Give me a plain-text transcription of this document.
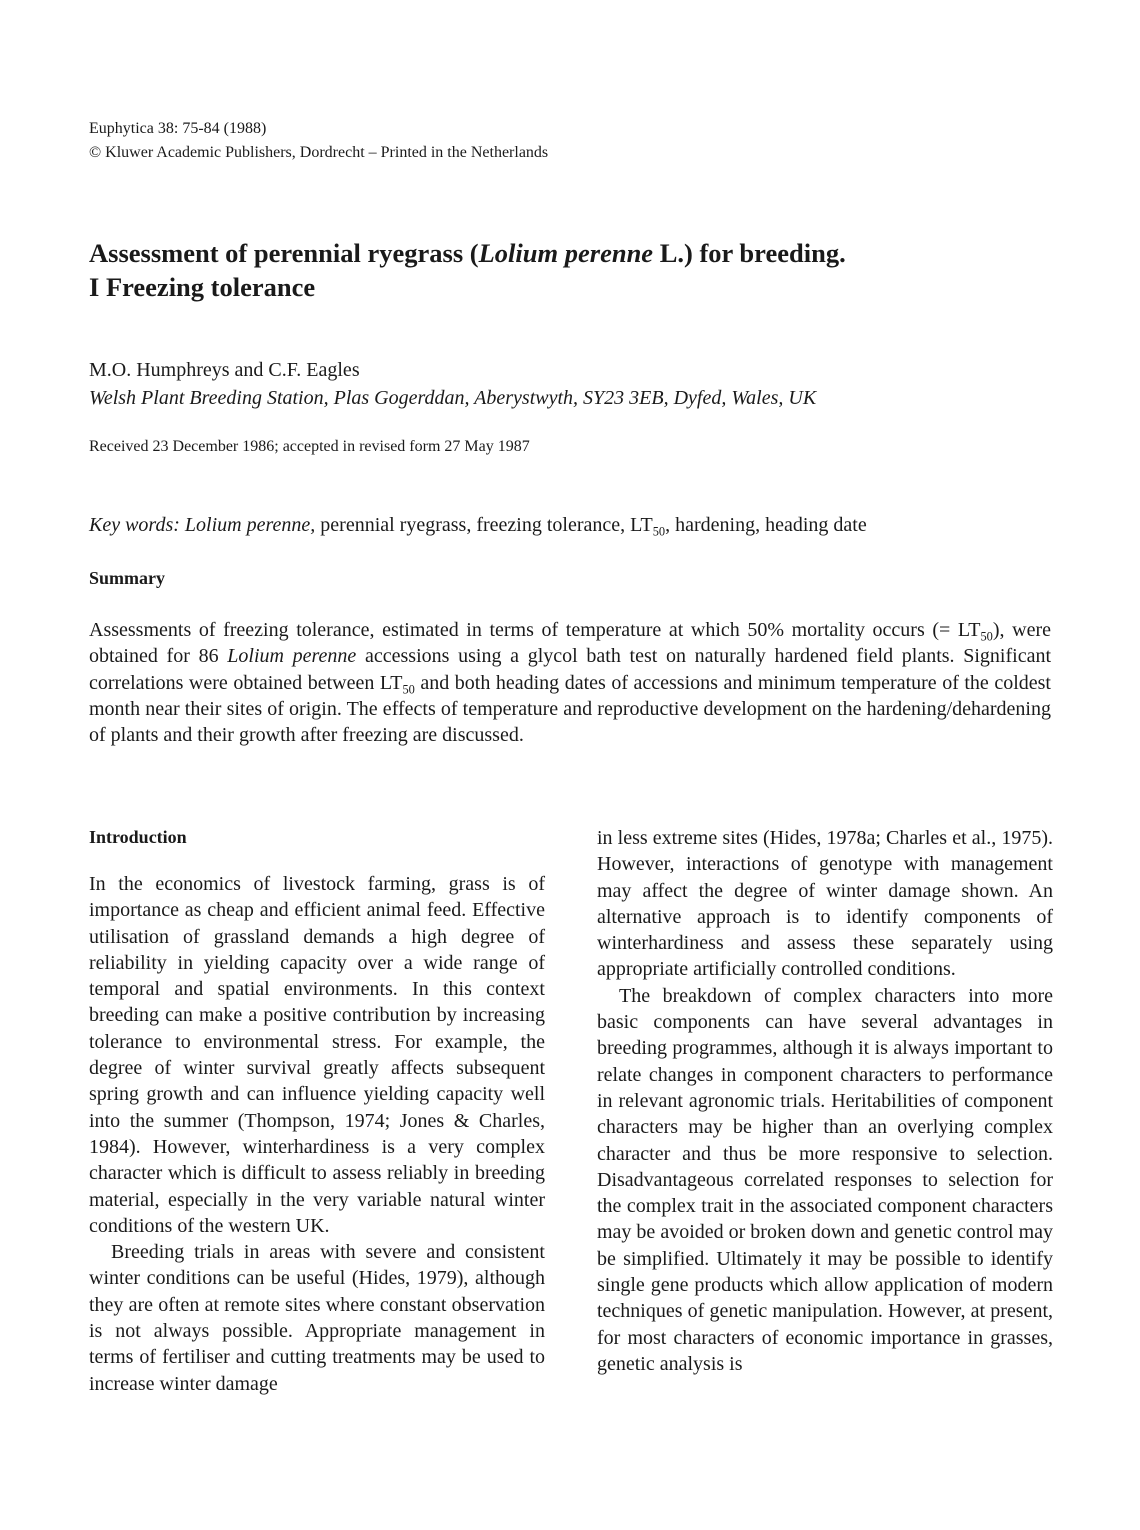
Euphytica 38: 75-84 (1988)
© Kluwer Academic Publishers, Dordrecht – Printed in the Netherlands
Assessment of perennial ryegrass (Lolium perenne L.) for breeding.
I Freezing tolerance
M.O. Humphreys and C.F. Eagles
Welsh Plant Breeding Station, Plas Gogerddan, Aberystwyth, SY23 3EB, Dyfed, Wales, UK
Received 23 December 1986; accepted in revised form 27 May 1987
Key words: Lolium perenne, perennial ryegrass, freezing tolerance, $LT_{50}$, hardening, heading date
Summary

Assessments of freezing tolerance, estimated in terms of temperature at which 50% mortality occurs (= $LT_{50}$), were obtained for 86 Lolium perenne accessions using a glycol bath test on naturally hardened field plants. Significant correlations were obtained between $LT_{50}$ and both heading dates of accessions and minimum temperature of the coldest month near their sites of origin. The effects of temperature and reproductive development on the hardening/dehardening of plants and their growth after freezing are discussed.

Introduction

In the economics of livestock farming, grass is of importance as cheap and efficient animal feed. Effective utilisation of grassland demands a high degree of reliability in yielding capacity over a wide range of temporal and spatial environments. In this context breeding can make a positive contribution by increasing tolerance to environmental stress. For example, the degree of winter survival greatly affects subsequent spring growth and can influence yielding capacity well into the summer (Thompson, 1974; Jones & Charles, 1984). However, winterhardiness is a very complex character which is difficult to assess reliably in breeding material, especially in the very variable natural winter conditions of the western UK.

Breeding trials in areas with severe and consistent winter conditions can be useful (Hides, 1979), although they are often at remote sites where constant observation is not always possible. Appropriate management in terms of fertiliser and cutting treatments may be used to increase winter damage

in less extreme sites (Hides, 1978a; Charles et al., 1975). However, interactions of genotype with management may affect the degree of winter damage shown. An alternative approach is to identify components of winterhardiness and assess these separately using appropriate artificially controlled conditions.

The breakdown of complex characters into more basic components can have several advantages in breeding programmes, although it is always important to relate changes in component characters to performance in relevant agronomic trials. Heritabilities of component characters may be higher than an overlying complex character and thus be more responsive to selection. Disadvantageous correlated responses to selection for the complex trait in the associated component characters may be avoided or broken down and genetic control may be simplified. Ultimately it may be possible to identify single gene products which allow application of modern techniques of genetic manipulation. However, at present, for most characters of economic importance in grasses, genetic analysis is
